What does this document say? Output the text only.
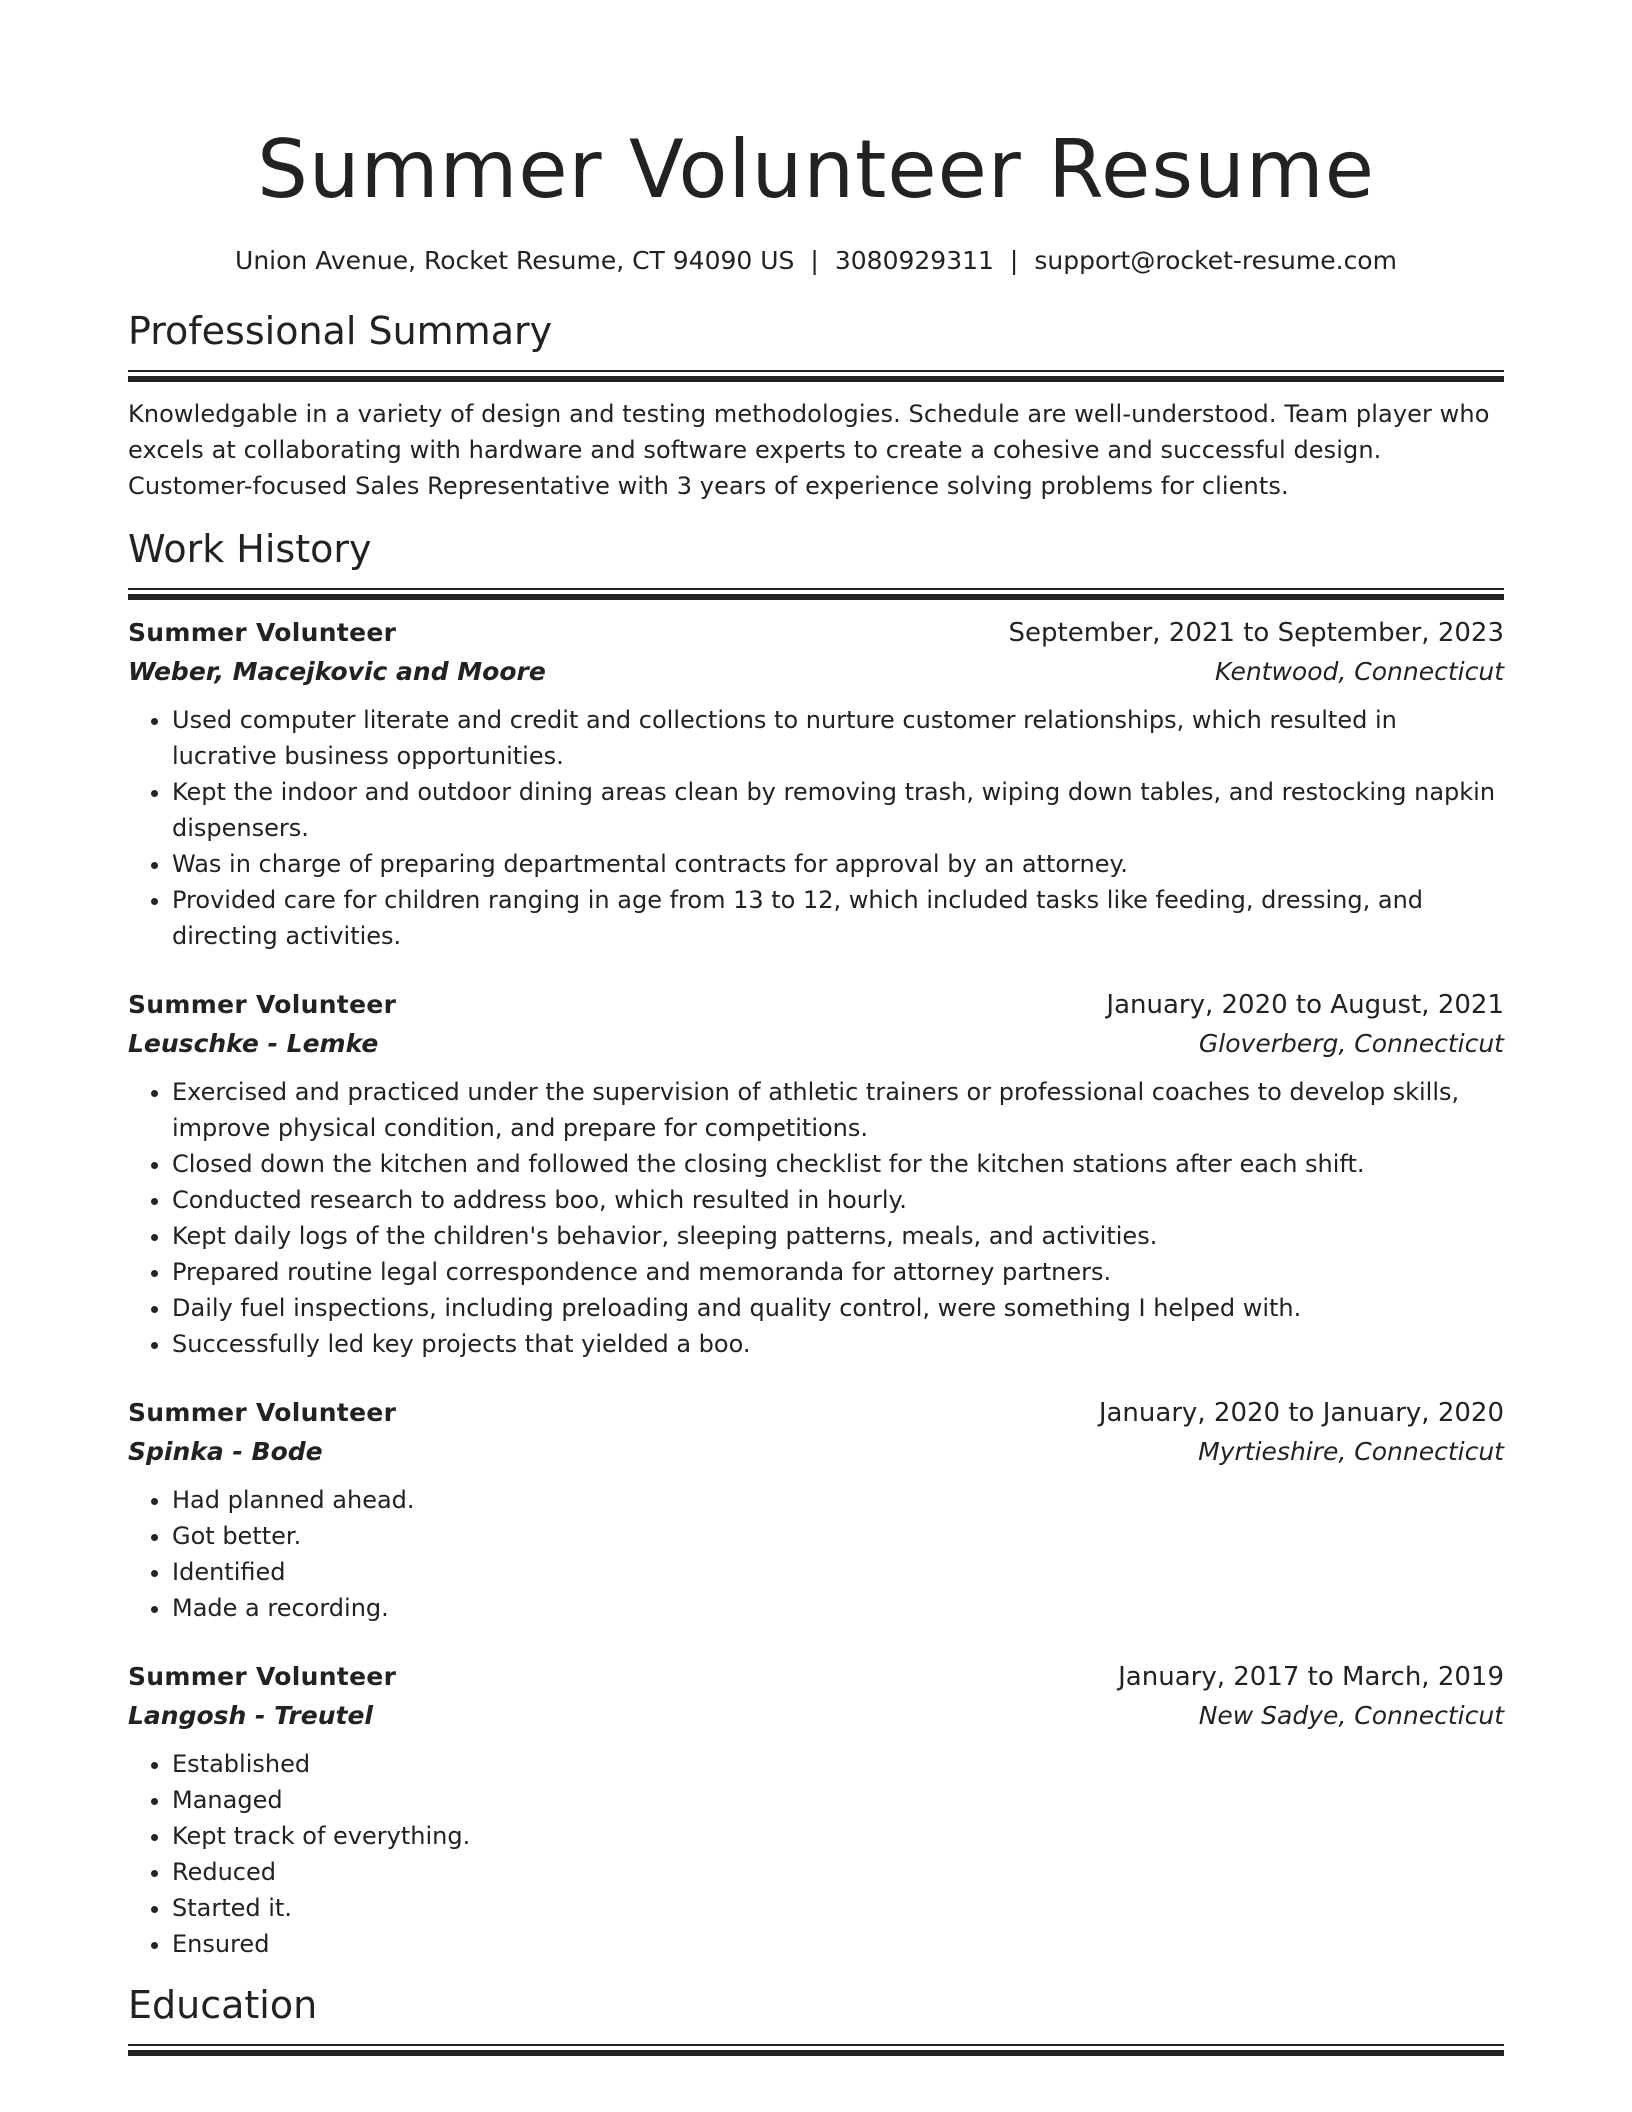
Summer Volunteer Resume
Union Avenue, Rocket Resume, CT 94090 US | 3080929311 | support@rocket-resume.com
Professional Summary
Knowledgable in a variety of design and testing methodologies. Schedule are well-understood. Team player who excels at collaborating with hardware and software experts to create a cohesive and successful design. Customer-focused Sales Representative with 3 years of experience solving problems for clients.
Work History
Summer Volunteer	September, 2021 to September, 2023
Weber, Macejkovic and Moore	Kentwood, Connecticut
• Used computer literate and credit and collections to nurture customer relationships, which resulted in lucrative business opportunities.
• Kept the indoor and outdoor dining areas clean by removing trash, wiping down tables, and restocking napkin dispensers.
• Was in charge of preparing departmental contracts for approval by an attorney.
• Provided care for children ranging in age from 13 to 12, which included tasks like feeding, dressing, and directing activities.
Summer Volunteer	January, 2020 to August, 2021
Leuschke - Lemke	Gloverberg, Connecticut
• Exercised and practiced under the supervision of athletic trainers or professional coaches to develop skills, improve physical condition, and prepare for competitions.
• Closed down the kitchen and followed the closing checklist for the kitchen stations after each shift.
• Conducted research to address boo, which resulted in hourly.
• Kept daily logs of the children's behavior, sleeping patterns, meals, and activities.
• Prepared routine legal correspondence and memoranda for attorney partners.
• Daily fuel inspections, including preloading and quality control, were something I helped with.
• Successfully led key projects that yielded a boo.
Summer Volunteer	January, 2020 to January, 2020
Spinka - Bode	Myrtieshire, Connecticut
• Had planned ahead.
• Got better.
• Identified
• Made a recording.
Summer Volunteer	January, 2017 to March, 2019
Langosh - Treutel	New Sadye, Connecticut
• Established
• Managed
• Kept track of everything.
• Reduced
• Started it.
• Ensured
Education
